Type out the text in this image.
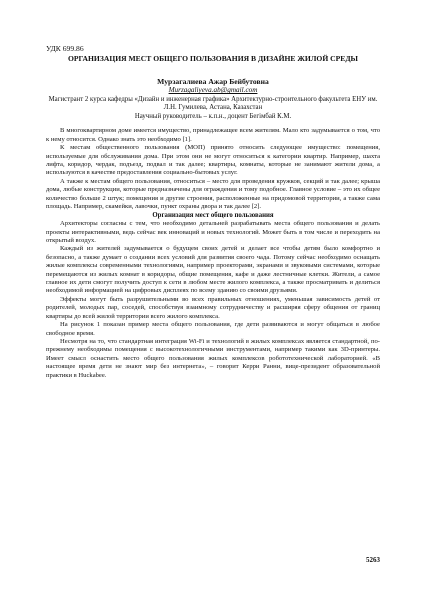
УДК 699.86

ОРГАНИЗАЦИЯ МЕСТ ОБЩЕГО ПОЛЬЗОВАНИЯ В ДИЗАЙНЕ ЖИЛОЙ СРЕДЫ

Мурзагалиева Ажар Бейбутовна

Murzagaliyeva.ab@gmail.com

Магистрант 2 курса кафедры «Дизайн и инженерная графика» Архитектурно-строительного факультета ЕНУ им. Л.Н. Гумилева, Астана, Казахстан
Научный руководитель – к.п.н., доцент Бегімбай К.М.

В многоквартирном доме имеется имущество, принадлежащее всем жителям. Мало кто задумывается о том, что к нему относится. Однако знать это необходимо [1].

К местам общественного пользования (МОП) принято относить следующее имущество: помещения, используемые для обслуживания дома. При этом они не могут относиться к категории квартир. Например, шахта лифта, коридор, чердак, подъезд, подвал и так далее; квартиры, комнаты, которые не занимают жители дома, а используются в качестве предоставления социально-бытовых услуг.

А также к местам общего пользования, относиться – место для проведения кружков, секций и так далее; крыша дома, любые конструкции, которые предназначены для ограждения и тому подобное. Главное условие – это их общее количество больше 2 штук; помещения и другие строения, расположенные на придомовой территории, а также сама площадь. Например, скамейки, лавочки, пункт охраны двора и так далее [2].

Организация мест общего пользования

Архитекторы согласны с тем, что необходимо детальней разрабатывать места общего пользования и делать проекты интерактивными, ведь сейчас век инноваций и новых технологий. Может быть в том числе и переходить на открытый воздух.

Каждый из жителей задумывается о будущем своих детей и делает все чтобы детям было комфортно и безопасно, а также думает о создании всех условий для развития своего чада. Потому сейчас необходимо оснащать жилые комплексы современными технологиями, например проекторами, экранами и звуковыми системами, которые перемещаются из жилых комнат в коридоры, общие помещения, кафе и даже лестничные клетки. Жители, а самое главное их дети смогут получить доступ к сети в любом месте жилого комплекса, а также просматривать и делиться необходимой информацией на цифровых дисплеях по всему зданию со своими друзьями.

Эффекты могут быть разрушительными во всех правильных отношениях, уменьшая зависимость детей от родителей, молодых пар, соседей, способствуя взаимному сотрудничеству и расширяя сферу общения от границ квартиры до всей жилой территории всего жилого комплекса.

На рисунок 1 показан пример места общего пользования, где дети развиваются и могут общаться в любое свободное время.

Несмотря на то, что стандартная интеграция Wi-Fi и технологий в жилых комплексах является стандартной, по-прежнему необходимы помещения с высокотехнологичными инструментами, например такими как 3D-принтеры. Имеет смысл оснастить место общего пользования жилых комплексов робототехнической лабораторией. «В настоящее время дети не знают мир без интернета», – говорит Керри Ранни, вице-президент образовательной практики в Huckabee.

5263
